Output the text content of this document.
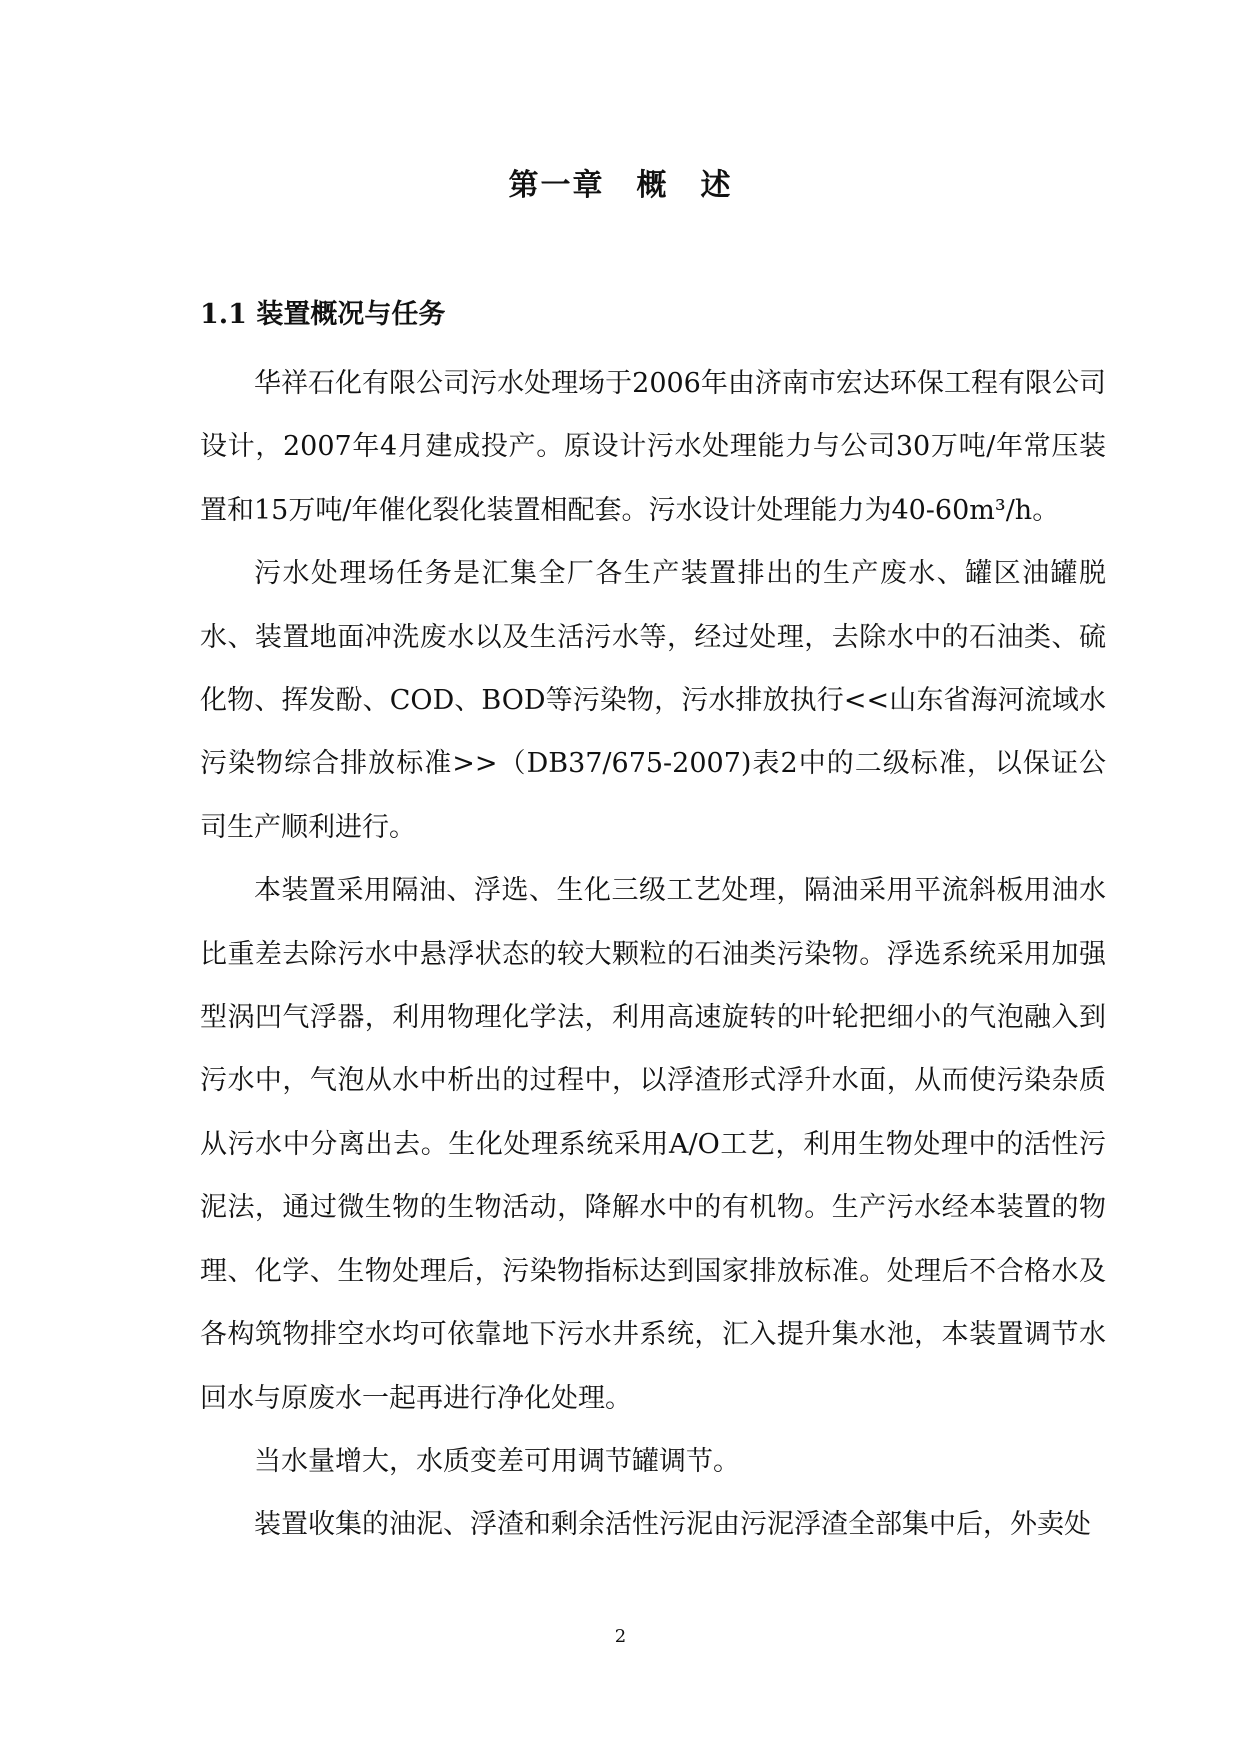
第一章　概　述
1.1 装置概况与任务

华祥石化有限公司污水处理场于2006年由济南市宏达环保工程有限公司设计，2007年4月建成投产。原设计污水处理能力与公司30万吨/年常压装置和15万吨/年催化裂化装置相配套。污水设计处理能力为40-60m³/h。

污水处理场任务是汇集全厂各生产装置排出的生产废水、罐区油罐脱水、装置地面冲洗废水以及生活污水等，经过处理，去除水中的石油类、硫化物、挥发酚、COD、BOD等污染物，污水排放执行<<山东省海河流域水污染物综合排放标准>>（DB37/675-2007)表2中的二级标准，以保证公司生产顺利进行。

本装置采用隔油、浮选、生化三级工艺处理，隔油采用平流斜板用油水比重差去除污水中悬浮状态的较大颗粒的石油类污染物。浮选系统采用加强型涡凹气浮器，利用物理化学法，利用高速旋转的叶轮把细小的气泡融入到污水中，气泡从水中析出的过程中，以浮渣形式浮升水面，从而使污染杂质从污水中分离出去。生化处理系统采用A/O工艺，利用生物处理中的活性污泥法，通过微生物的生物活动，降解水中的有机物。生产污水经本装置的物理、化学、生物处理后，污染物指标达到国家排放标准。处理后不合格水及各构筑物排空水均可依靠地下污水井系统，汇入提升集水池，本装置调节水回水与原废水一起再进行净化处理。

当水量增大，水质变差可用调节罐调节。

装置收集的油泥、浮渣和剩余活性污泥由污泥浮渣全部集中后，外卖处

2
